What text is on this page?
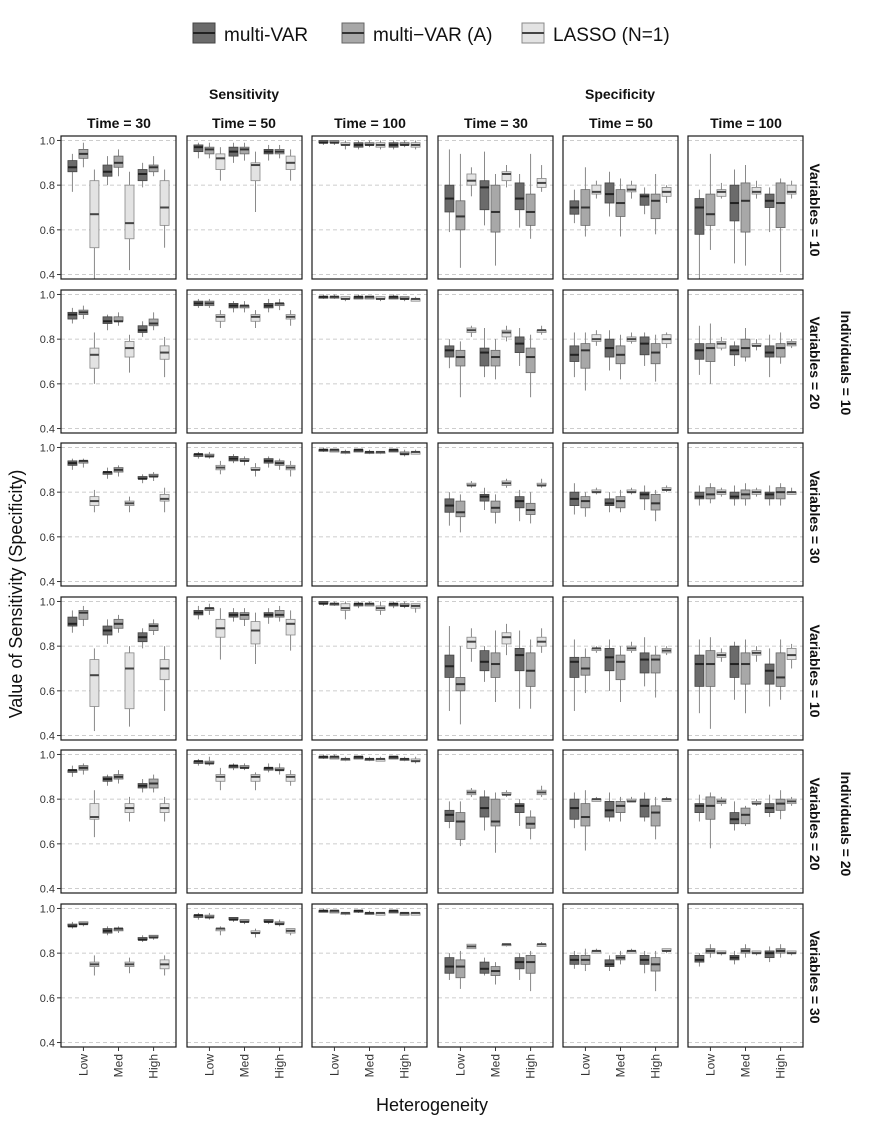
multi-VAR	multi−VAR (A)	LASSO (N=1)
Sensitivity	Specificity
Time = 30	Time = 50	Time = 100	Time = 30	Time = 50	Time = 100
0.4
0.6
0.8
1.0
0.4
0.6
0.8
1.0
0.4
0.6
0.8
1.0
0.4
0.6
0.8
1.0
0.4
0.6
0.8
1.0
0.4
0.6
0.8
1.0
Low Med High	Low Med High	Low Med High	Low Med High	Low Med High	Low Med High
Variables = 10
Variables = 20
Variables = 30
Variables = 10
Variables = 20
Variables = 30
Individuals = 10
Individuals = 20
Value of Sensitivity (Specificity)
Heterogeneity
